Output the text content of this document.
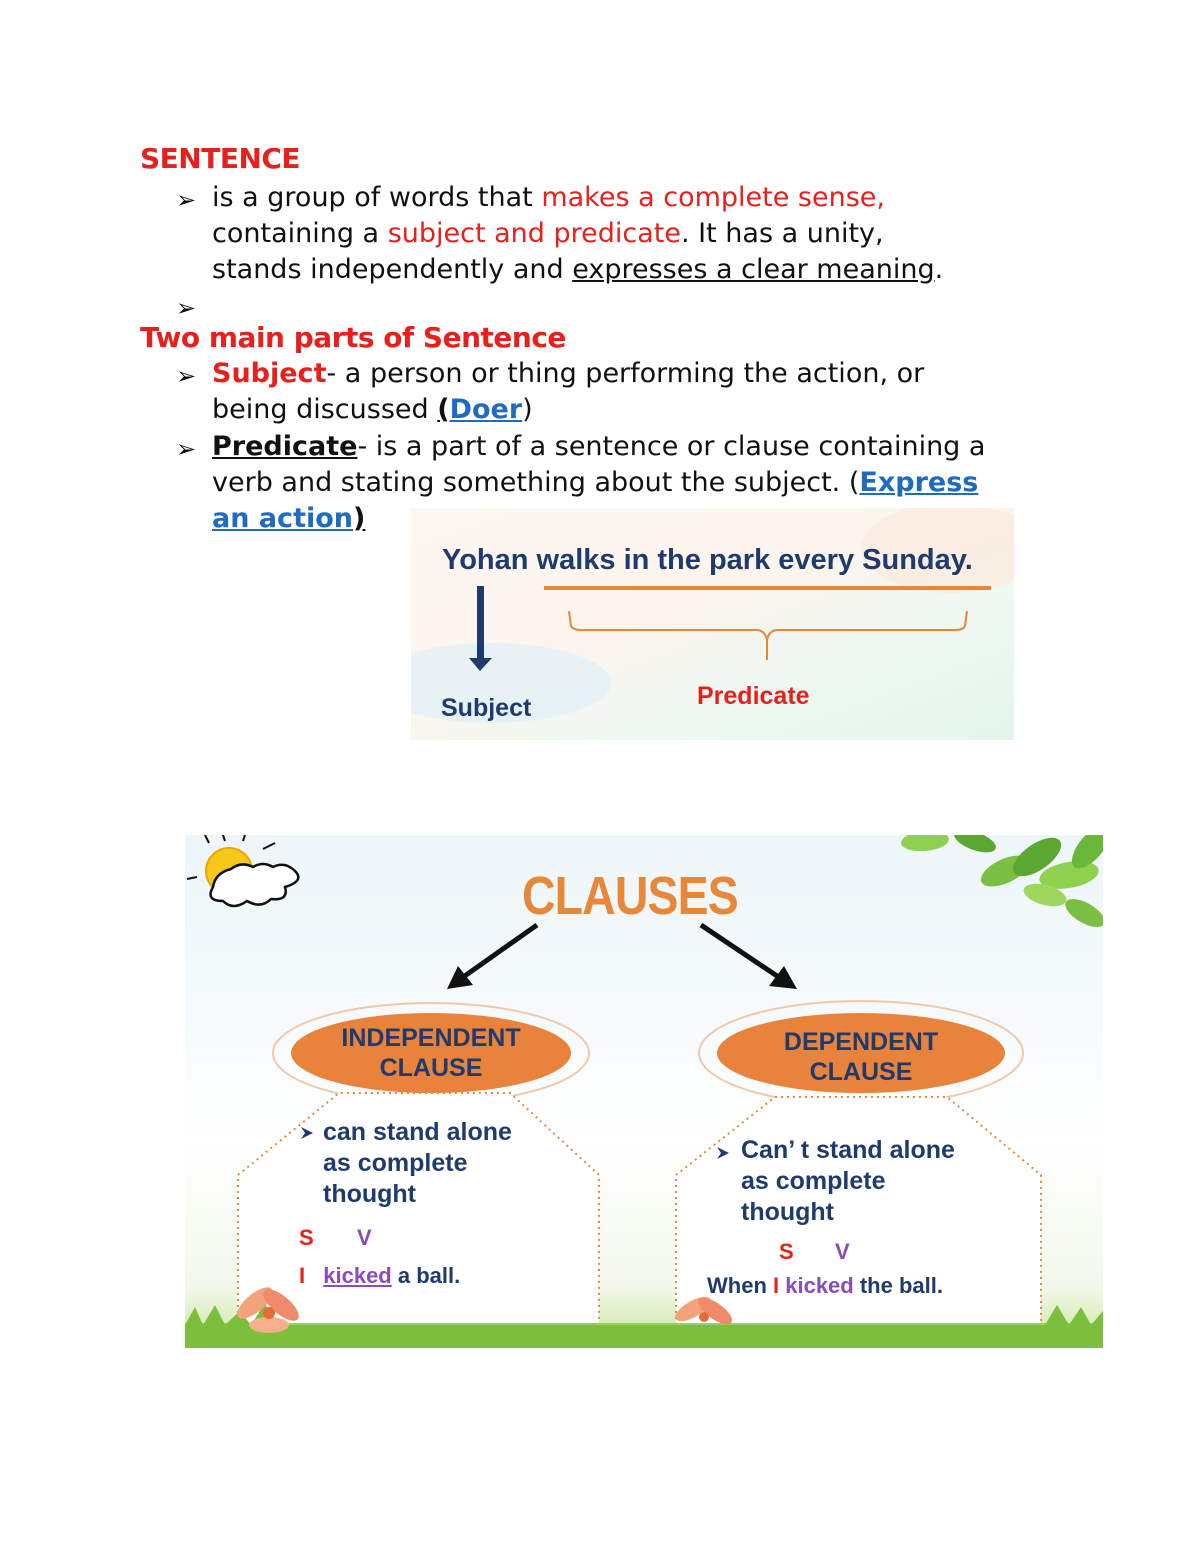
SENTENCE
➢ is a group of words that makes a complete sense,
containing a subject and predicate. It has a unity,
stands independently and expresses a clear meaning.
➢
Two main parts of Sentence
➢ Subject- a person or thing performing the action, or
being discussed (Doer)
➢ Predicate- is a part of a sentence or clause containing a
verb and stating something about the subject. (Express
an action)
Yohan walks in the park every Sunday.
Subject	Predicate
CLAUSES
INDEPENDENT
CLAUSE
DEPENDENT
CLAUSE
can stand alone
as complete
thought
S V
I kicked a ball.
Can’ t stand alone
as complete
thought
S V
When I kicked the ball.
